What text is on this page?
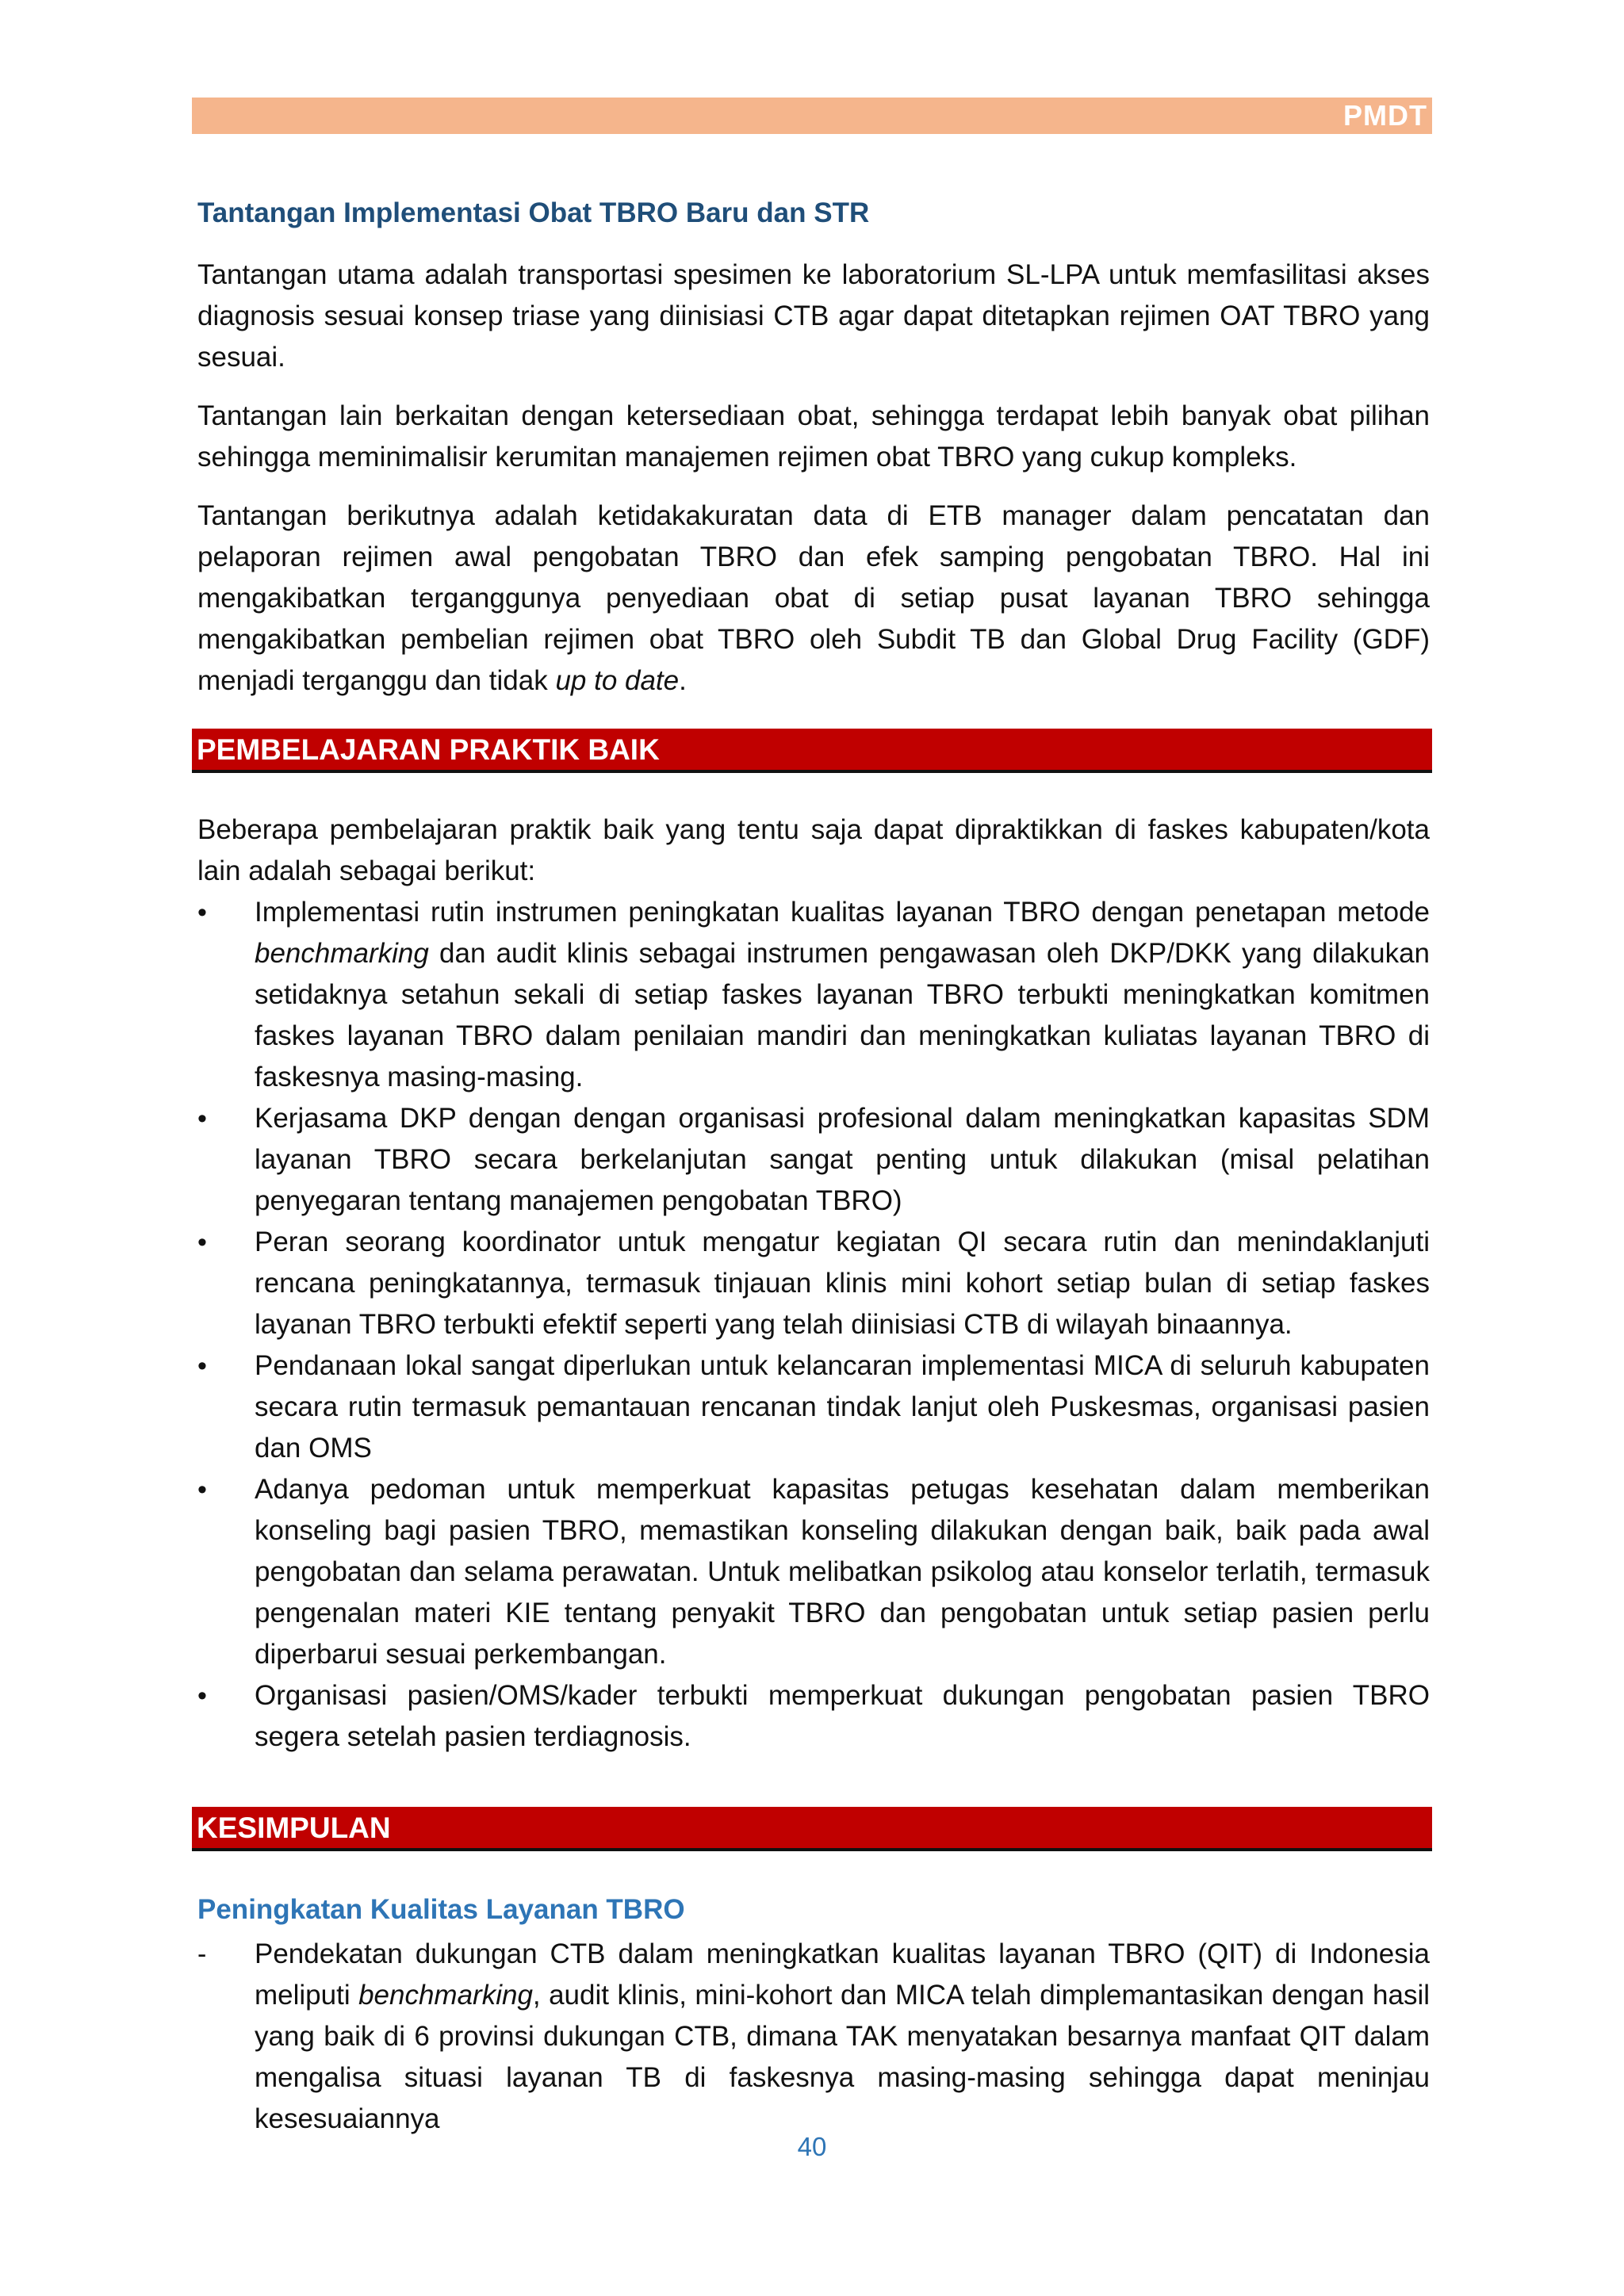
PMDT
Tantangan Implementasi Obat TBRO Baru dan STR

Tantangan utama adalah transportasi spesimen ke laboratorium SL-LPA untuk memfasilitasi akses diagnosis sesuai konsep triase yang diinisiasi CTB agar dapat ditetapkan rejimen OAT TBRO yang sesuai.

Tantangan lain berkaitan dengan ketersediaan obat, sehingga terdapat lebih banyak obat pilihan sehingga meminimalisir kerumitan manajemen rejimen obat TBRO yang cukup kompleks.

Tantangan berikutnya adalah ketidakakuratan data di ETB manager dalam pencatatan dan pelaporan rejimen awal pengobatan TBRO dan efek samping pengobatan TBRO. Hal ini mengakibatkan terganggunya penyediaan obat di setiap pusat layanan TBRO sehingga mengakibatkan pembelian rejimen obat TBRO oleh Subdit TB dan Global Drug Facility (GDF) menjadi terganggu dan tidak up to date.

PEMBELAJARAN PRAKTIK BAIK

Beberapa pembelajaran praktik baik yang tentu saja dapat dipraktikkan di faskes kabupaten/kota lain adalah sebagai berikut:

•	Implementasi rutin instrumen peningkatan kualitas layanan TBRO dengan penetapan metode benchmarking dan audit klinis sebagai instrumen pengawasan oleh DKP/DKK yang dilakukan setidaknya setahun sekali di setiap faskes layanan TBRO terbukti meningkatkan komitmen faskes layanan TBRO dalam penilaian mandiri dan meningkatkan kuliatas layanan TBRO di faskesnya masing-masing.
•	Kerjasama DKP dengan dengan organisasi profesional dalam meningkatkan kapasitas SDM layanan TBRO secara berkelanjutan sangat penting untuk dilakukan (misal pelatihan penyegaran tentang manajemen pengobatan TBRO)
•	Peran seorang koordinator untuk mengatur kegiatan QI secara rutin dan menindaklanjuti rencana peningkatannya, termasuk tinjauan klinis mini kohort setiap bulan di setiap faskes layanan TBRO terbukti efektif seperti yang telah diinisiasi CTB di wilayah binaannya.
•	Pendanaan lokal sangat diperlukan untuk kelancaran implementasi MICA di seluruh kabupaten secara rutin termasuk pemantauan rencanan tindak lanjut oleh Puskesmas, organisasi pasien dan OMS
•	Adanya pedoman untuk memperkuat kapasitas petugas kesehatan dalam memberikan konseling bagi pasien TBRO, memastikan konseling dilakukan dengan baik, baik pada awal pengobatan dan selama perawatan. Untuk melibatkan psikolog atau konselor terlatih, termasuk pengenalan materi KIE tentang penyakit TBRO dan pengobatan untuk setiap pasien perlu diperbarui sesuai perkembangan.
•	Organisasi pasien/OMS/kader terbukti memperkuat dukungan pengobatan pasien TBRO segera setelah pasien terdiagnosis.
KESIMPULAN
Peningkatan Kualitas Layanan TBRO
-	Pendekatan dukungan CTB dalam meningkatkan kualitas layanan TBRO (QIT) di Indonesia meliputi benchmarking, audit klinis, mini-kohort dan MICA telah dimplemantasikan dengan hasil yang baik di 6 provinsi dukungan CTB, dimana TAK menyatakan besarnya manfaat QIT dalam mengalisa situasi layanan TB di faskesnya masing-masing sehingga dapat meninjau kesesuaiannya
40
